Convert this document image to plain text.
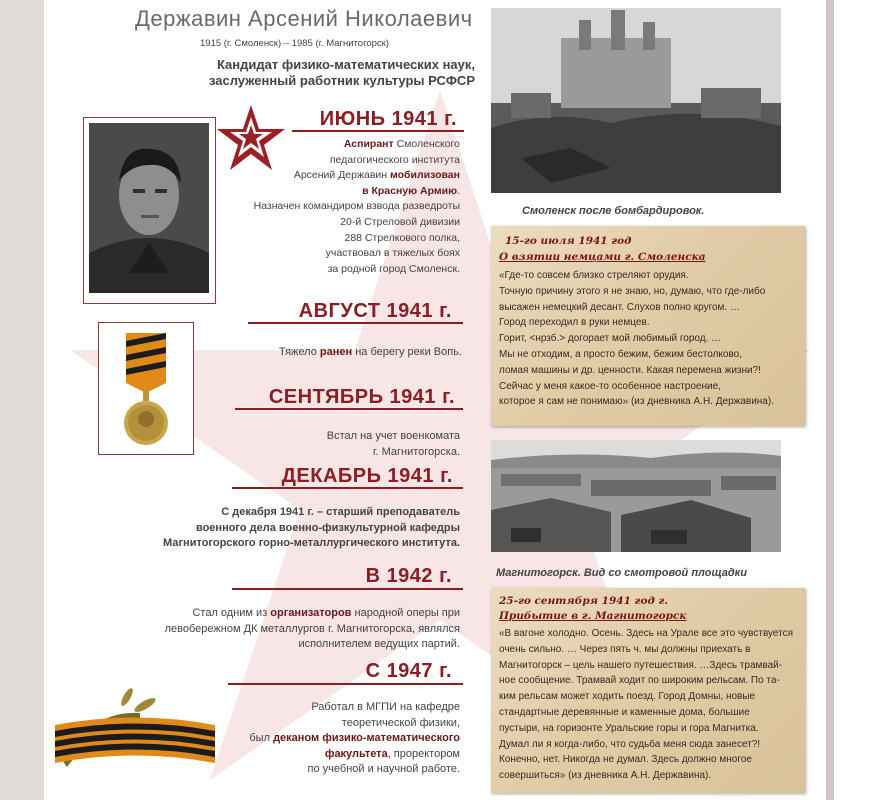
Державин Арсений Николаевич
1915 (г. Смоленск) – 1985 (г. Магнитогорск)
Кандидат физико-математических наук,
заслуженный работник культуры РСФСР
ИЮНЬ 1941 г.
Аспирант Смоленского
педагогического института
Арсений Державин мобилизован
в Красную Армию.
Назначен командиром взвода разведроты
20-й Стреловой дивизии
288 Стрелкового полка,
участвовал в тяжелых боях
за родной город Смоленск.
АВГУСТ 1941 г.
Тяжело ранен на берегу реки Вопь.
СЕНТЯБРЬ 1941 г.
Встал на учет военкомата
г. Магнитогорска.
ДЕКАБРЬ 1941 г.
С декабря 1941 г. – старший преподаватель
военного дела военно-физкультурной кафедры
Магнитогорского горно-металлургического института.
В 1942 г.
Стал одним из организаторов народной оперы при
левобережном ДК металлургов г. Магнитогорска, являлся
исполнителем ведущих партий.
С 1947 г.
Работал в МГПИ на кафедре
теоретической физики,
был деканом физико-математического
факультета, проректором
по учебной и научной работе.
Смоленск после бомбардировок.
15-го июля 1941 год
О взятии немцами г. Смоленска
«Где-то совсем близко стреляют орудия.
Точную причину этого я не знаю, но, думаю, что где-либо
высажен немецкий десант. Слухов полно кругом. …
Город переходил в руки немцев.
Горит, <нрзб.> догорает мой любимый город. …
Мы не отходим, а просто бежим, бежим бестолково,
ломая машины и др. ценности. Какая перемена жизни?!
Сейчас у меня какое-то особенное настроение,
которое я сам не понимаю» (из дневника А.Н. Державина).
Магнитогорск. Вид со смотровой площадки
25-го сентября 1941 год г.
Прибытие в г. Магнитогорск
«В вагоне холодно. Осень. Здесь на Урале все это чувствуется
очень сильно. … Через пять ч. мы должны приехать в
Магнитогорск – цель нашего путешествия. …Здесь трамвай-
ное сообщение. Трамвай ходит по широким рельсам. По та-
ким рельсам может ходить поезд. Город Домны, новые
стандартные деревянные и каменные дома, большие
пустыри, на горизонте Уральские горы и гора Магнитка.
Думал ли я когда-либо, что судьба меня сюда занесет?!
Конечно, нет. Никогда не думал. Здесь должно многое
совершиться» (из дневника А.Н. Державина).
